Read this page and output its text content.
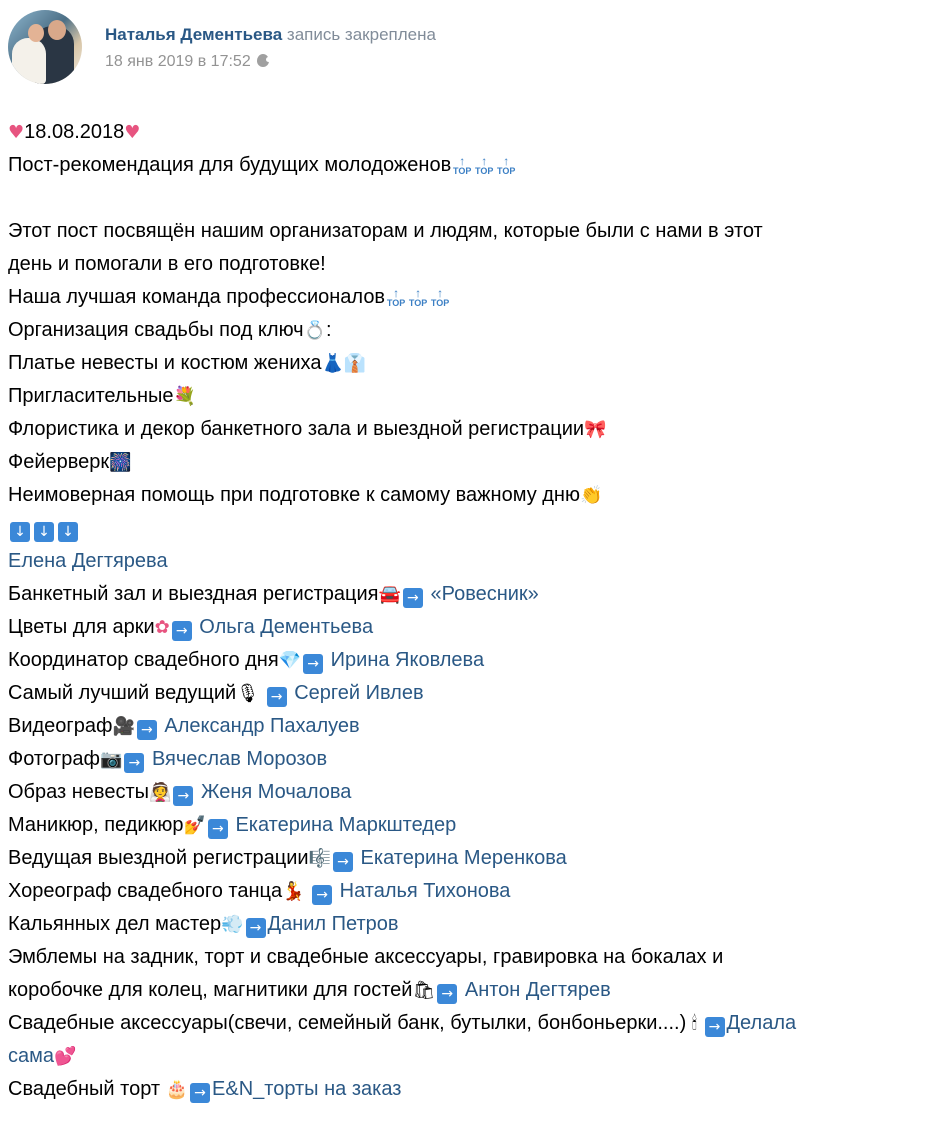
Наталья Дементьева запись закреплена
18 янв 2019 в 17:52
♥18.08.2018♥
Пост-рекомендация для будущих молодоженов ↑
TOP
↑
TOP
↑
TOP

Этот пост посвящён нашим организаторам и людям, которые были с нами в этот
день и помогали в его подготовке!
Наша лучшая команда профессионалов ↑
TOP
↑
TOP
↑
TOP
Организация свадьбы под ключ💍:
Платье невесты и костюм жениха👗👔
Пригласительные💐
Флористика и декор банкетного зала и выездной регистрации🎀
Фейерверк🎆
Неимоверная помощь при подготовке к самому важному дню👏
↓ ↓ ↓
Елена Дегтярева
Банкетный зал и выездная регистрация🚘 → «Ровесник»
Цветы для арки✿ → Ольга Дементьева
Координатор свадебного дня💎 → Ирина Яковлева
Самый лучший ведущий🎙 → Сергей Ивлев
Видеограф🎥 → Александр Пахалуев
Фотограф📷 → Вячеслав Морозов
Образ невесты👰 → Женя Мочалова
Маникюр, педикюр💅 → Екатерина Маркштедер
Ведущая выездной регистрации🎼 → Екатерина Меренкова
Хореограф свадебного танца💃 → Наталья Тихонова
Кальянных дел мастер💨 → Данил Петров
Эмблемы на задник, торт и свадебные аксессуары, гравировка на бокалах и
коробочке для колец, магнитики для гостей🛍 → Антон Дегтярев
Свадебные аксессуары(свечи, семейный банк, бутылки, бонбоньерки....) 🕯 → Делала
сама💕
Свадебный торт 🎂 → E&N_торты на заказ
